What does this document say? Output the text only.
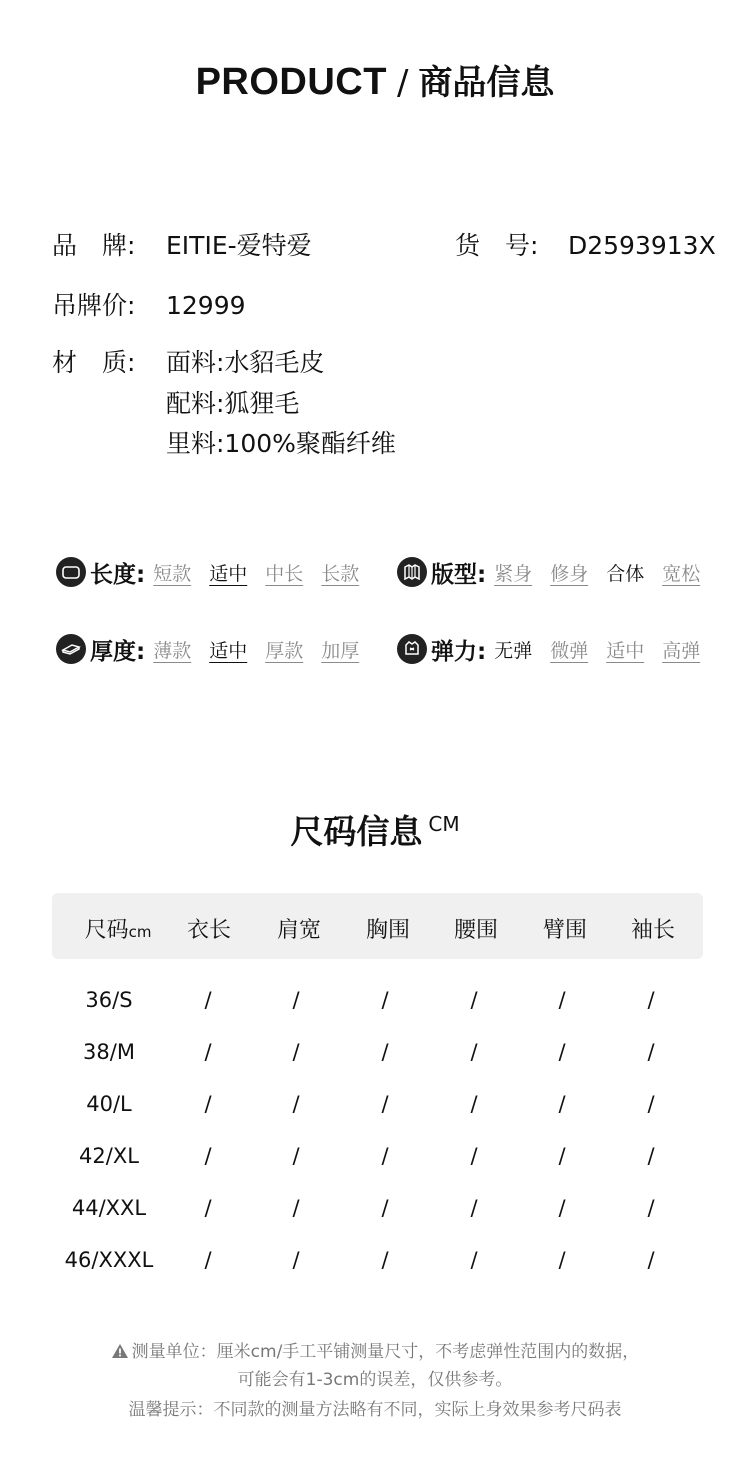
PRODUCT / 商品信息
品　牌: EITIE-爱特爱	货　号: D2593913X
吊牌价: 12999
材　质: 面料:水貂毛皮
配料:狐狸毛
里料:100%聚酯纤维
长度: 短款 适中 中长 长款	版型: 紧身 修身 合体 宽松
厚度: 薄款 适中 厚款 加厚	弹力: 无弹 微弹 适中 高弹
尺码信息 $^{CM}$
尺码cm 衣长 肩宽 胸围 腰围 臂围 袖长
36/S	/	/	/	/	/	/
38/M	/	/	/	/	/	/
40/L	/	/	/	/	/	/
42/XL	/	/	/	/	/	/
44/XXL	/	/	/	/	/	/
46/XXXL /	/	/	/	/	/
测量单位：厘米cm/手工平铺测量尺寸，不考虑弹性范围内的数据，
可能会有1-3cm的误差，仅供参考。
温馨提示：不同款的测量方法略有不同，实际上身效果参考尺码表
